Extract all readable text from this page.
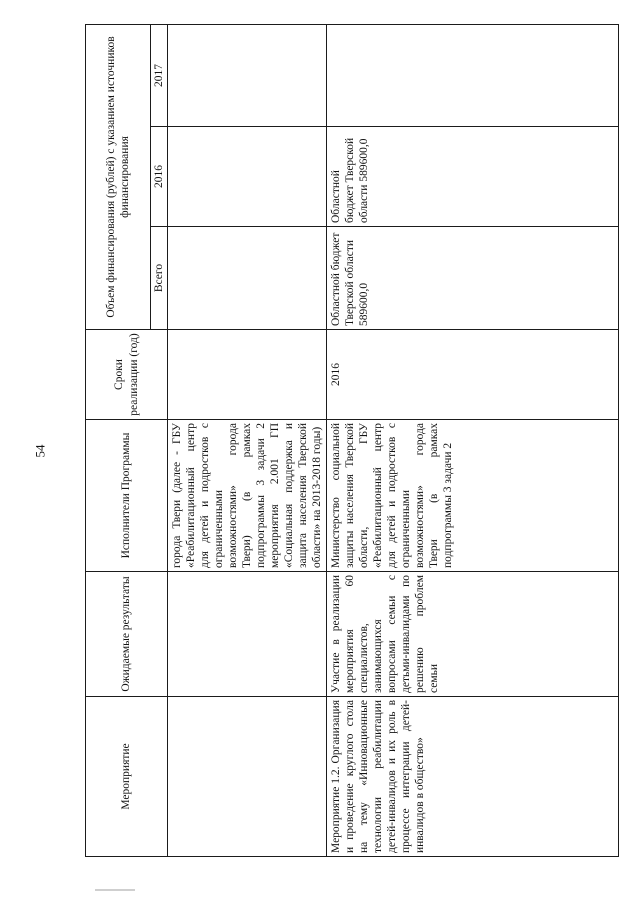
54
Мероприятие	Ожидаемые результаты	Исполнители Программы	Сроки реализации (год)	Объем финансирования (рублей) с указанием источников финансирования		
				Всего	2016	2017
		города Твери (далее - ГБУ «Реабилитационный центр для детей и подростков с ограниченными возможностями» города Твери) (в рамках подпрограммы 3 задачи 2 мероприятия 2.001 ГП «Социальная поддержка и защита населения Тверской области» на 2013-2018 годы)				
Мероприятие 1.2. Организация и проведение круглого стола на тему «Инновационные технологии реабилитации детей-инвалидов и их роль в процессе интеграции детей-инвалидов в общество»	Участие в реализации мероприятия 60 специалистов, занимающихся вопросами семьи с детьми-инвалидами по решению проблем семьи	Министерство социальной защиты населения Тверской области, ГБУ «Реабилитационный центр для детей и подростков с ограниченными возможностями» города Твери (в рамках подпрограммы 3 задачи 2	2016	Областной бюджет Тверской области 589600,0	Областной бюджет Тверской области 589600,0	
